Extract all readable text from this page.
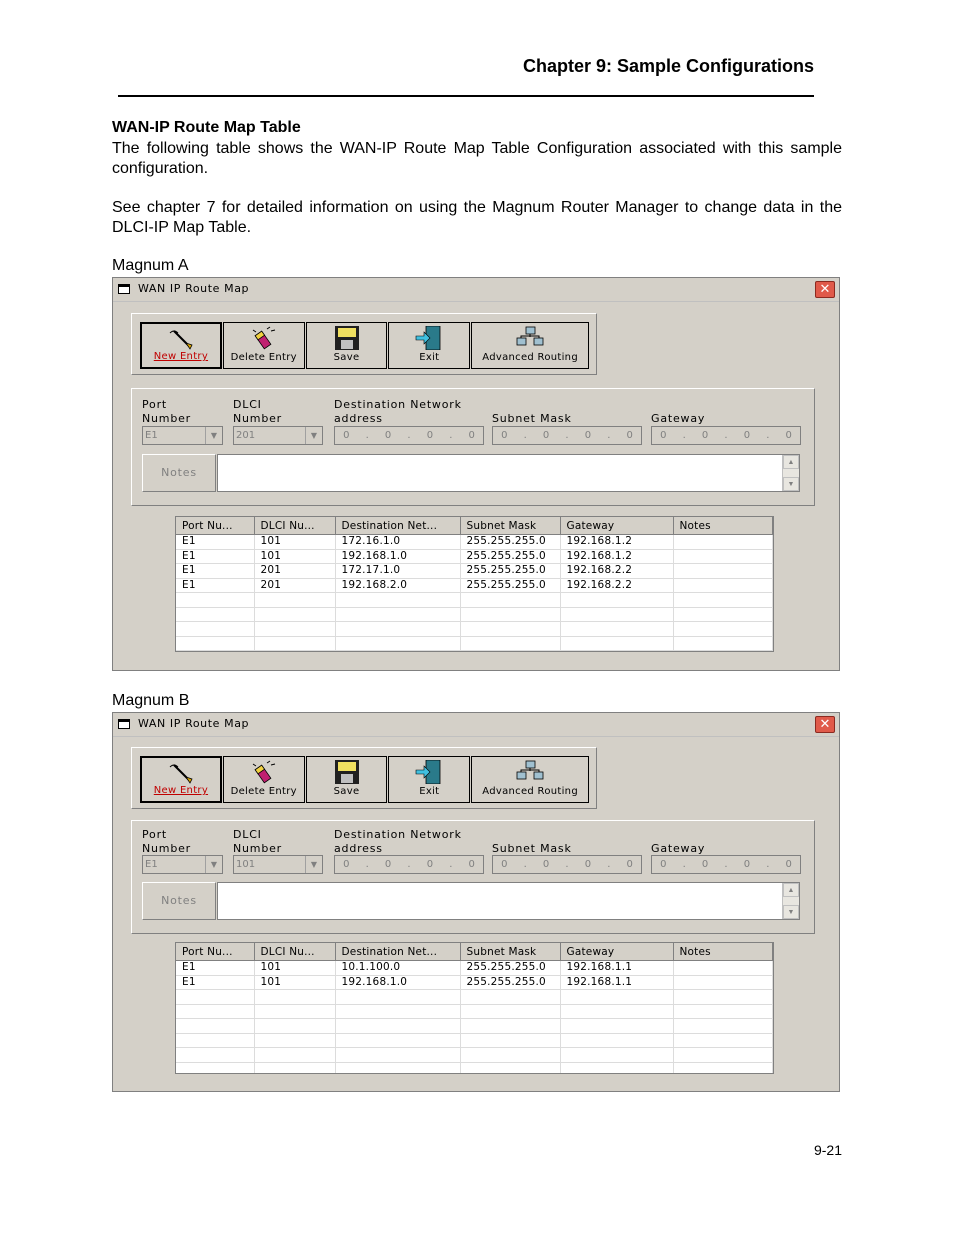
Chapter 9: Sample Configurations
WAN-IP Route Map Table
The following table shows the WAN-IP Route Map Table Configuration associated with this sample configuration.
See chapter 7 for detailed information on using the Magnum Router Manager to change data in the DLCI-IP Map Table.
Magnum A
WAN IP Route Map	✕
New Entry	Delete Entry	Save	Exit	Advanced Routing
Port
Number
DLCI
Number
Destination Network
address	Subnet Mask	Gateway
E1	▼	201	▼	0 . 0 . 0 . 0	0 . 0 . 0 . 0	0 . 0 . 0 . 0
Notes
▲
▼
Port Nu...	DLCI Nu...	Destination Net...	Subnet Mask	Gateway	Notes
E1	101	172.16.1.0	255.255.255.0	192.168.1.2	
E1	101	192.168.1.0	255.255.255.0	192.168.1.2	
E1	201	172.17.1.0	255.255.255.0	192.168.2.2	
E1	201	192.168.2.0	255.255.255.0	192.168.2.2	

Magnum B
WAN IP Route Map	✕
New Entry	Delete Entry	Save	Exit	Advanced Routing
Port
Number
DLCI
Number
Destination Network
address	Subnet Mask	Gateway
E1	▼	101	▼	0 . 0 . 0 . 0	0 . 0 . 0 . 0	0 . 0 . 0 . 0
Notes
▲
▼
Port Nu...	DLCI Nu...	Destination Net...	Subnet Mask	Gateway	Notes
E1	101	10.1.100.0	255.255.255.0	192.168.1.1	
E1	101	192.168.1.0	255.255.255.0	192.168.1.1	

9-21
